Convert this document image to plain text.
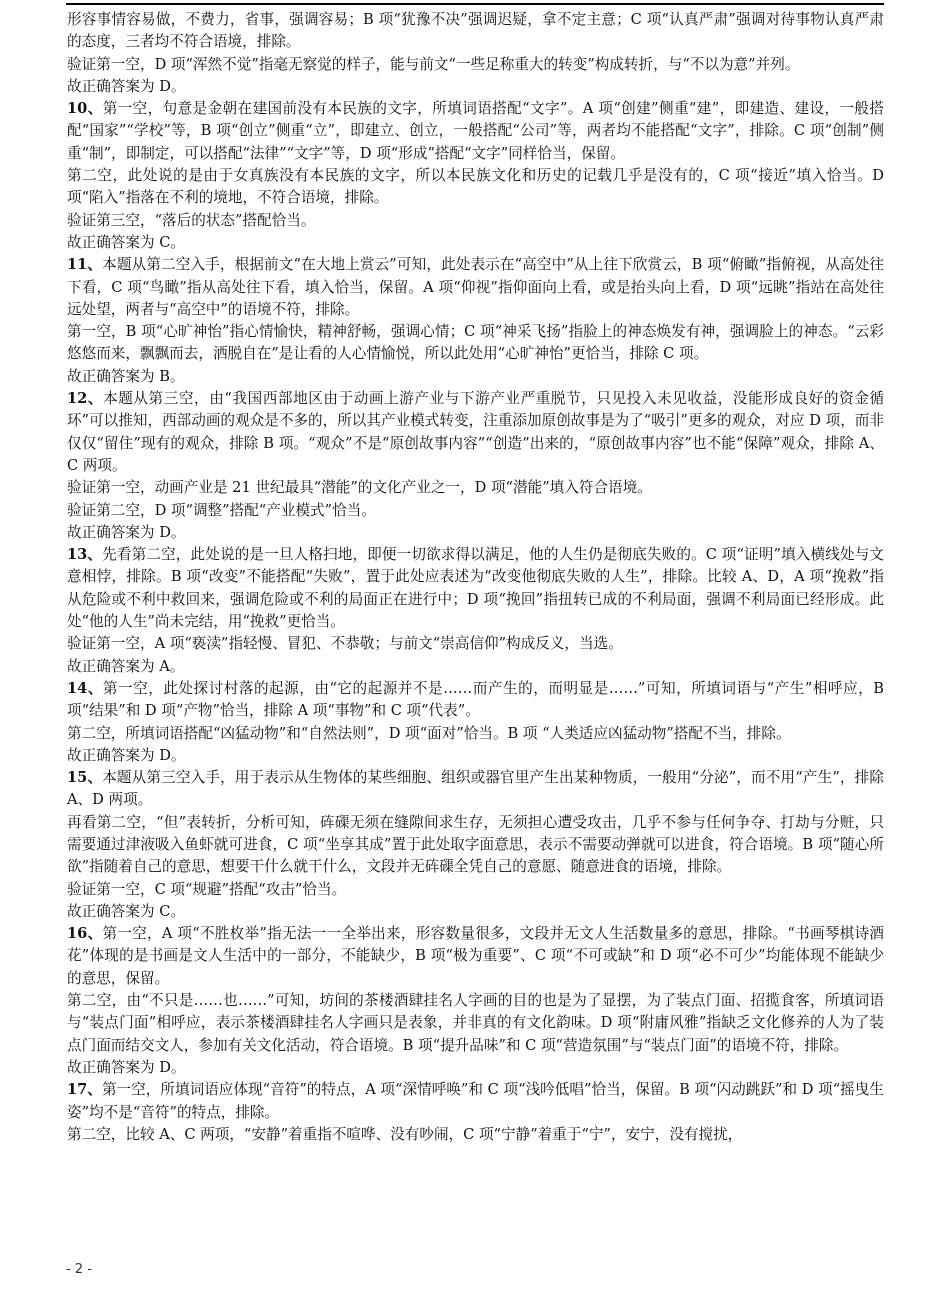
形容事情容易做，不费力，省事，强调容易；B 项“犹豫不决”强调迟疑，拿不定主意；C 项“认真严肃”强调对待事物认真严肃的态度，三者均不符合语境，排除。

验证第一空，D 项“浑然不觉”指毫无察觉的样子，能与前文“一些足称重大的转变”构成转折，与“不以为意”并列。

故正确答案为 D。

10、第一空，句意是金朝在建国前没有本民族的文字，所填词语搭配“文字”。A 项“创建”侧重“建”，即建造、建设，一般搭配“国家”“学校”等，B 项“创立”侧重“立”，即建立、创立，一般搭配“公司”等，两者均不能搭配“文字”，排除。C 项“创制”侧重“制”，即制定，可以搭配“法律”“文字”等，D 项“形成”搭配“文字”同样恰当，保留。

第二空，此处说的是由于女真族没有本民族的文字，所以本民族文化和历史的记载几乎是没有的，C 项“接近”填入恰当。D 项“陷入”指落在不利的境地，不符合语境，排除。

验证第三空，“落后的状态”搭配恰当。

故正确答案为 C。

11、本题从第二空入手，根据前文“在大地上赏云”可知，此处表示在“高空中”从上往下欣赏云，B 项“俯瞰”指俯视，从高处往下看，C 项“鸟瞰”指从高处往下看，填入恰当，保留。A 项“仰视”指仰面向上看，或是抬头向上看，D 项“远眺”指站在高处往远处望，两者与“高空中”的语境不符，排除。

第一空，B 项“心旷神怡”指心情愉快，精神舒畅，强调心情；C 项“神采飞扬”指脸上的神态焕发有神，强调脸上的神态。“云彩悠悠而来，飘飘而去，洒脱自在”是让看的人心情愉悦，所以此处用“心旷神怡”更恰当，排除 C 项。

故正确答案为 B。

12、本题从第三空，由“我国西部地区由于动画上游产业与下游产业严重脱节，只见投入未见收益，没能形成良好的资金循环”可以推知，西部动画的观众是不多的，所以其产业模式转变，注重添加原创故事是为了“吸引”更多的观众，对应 D 项，而非仅仅“留住”现有的观众，排除 B 项。“观众”不是“原创故事内容”“创造”出来的，“原创故事内容”也不能“保障”观众，排除 A、C 两项。

验证第一空，动画产业是 21 世纪最具“潜能”的文化产业之一，D 项“潜能”填入符合语境。

验证第二空，D 项“调整”搭配“产业模式”恰当。

故正确答案为 D。

13、先看第二空，此处说的是一旦人格扫地，即便一切欲求得以满足，他的人生仍是彻底失败的。C 项“证明”填入横线处与文意相悖，排除。B 项“改变”不能搭配“失败”，置于此处应表述为“改变他彻底失败的人生”，排除。比较 A、D，A 项“挽救”指从危险或不利中救回来，强调危险或不利的局面正在进行中；D 项“挽回”指扭转已成的不利局面，强调不利局面已经形成。此处“他的人生”尚未完结，用“挽救”更恰当。

验证第一空，A 项“亵渎”指轻慢、冒犯、不恭敬；与前文“崇高信仰”构成反义，当选。

故正确答案为 A。

14、第一空，此处探讨村落的起源，由“它的起源并不是……而产生的，而明显是……”可知，所填词语与“产生”相呼应，B 项“结果”和 D 项“产物”恰当，排除 A 项“事物”和 C 项“代表”。

第二空，所填词语搭配“凶猛动物”和“自然法则”，D 项“面对”恰当。B 项 “人类适应凶猛动物”搭配不当，排除。

故正确答案为 D。

15、本题从第三空入手，用于表示从生物体的某些细胞、组织或器官里产生出某种物质，一般用“分泌”，而不用“产生”，排除 A、D 两项。

再看第二空，“但”表转折，分析可知，砗磲无须在缝隙间求生存，无须担心遭受攻击，几乎不参与任何争夺、打劫与分赃，只需要通过津液吸入鱼虾就可进食，C 项“坐享其成”置于此处取字面意思，表示不需要动弹就可以进食，符合语境。B 项“随心所欲”指随着自己的意思，想要干什么就干什么，文段并无砗磲全凭自己的意愿、随意进食的语境，排除。

验证第一空，C 项“规避”搭配“攻击”恰当。

故正确答案为 C。

16、第一空，A 项“不胜枚举”指无法一一全举出来，形容数量很多，文段并无文人生活数量多的意思，排除。“书画琴棋诗酒花”体现的是书画是文人生活中的一部分，不能缺少，B 项“极为重要”、C 项“不可或缺”和 D 项“必不可少”均能体现不能缺少的意思，保留。

第二空，由“不只是……也……”可知，坊间的茶楼酒肆挂名人字画的目的也是为了显摆，为了装点门面、招揽食客，所填词语与“装点门面”相呼应，表示茶楼酒肆挂名人字画只是表象，并非真的有文化韵味。D 项“附庸风雅”指缺乏文化修养的人为了装点门面而结交文人，参加有关文化活动，符合语境。B 项“提升品味”和 C 项“营造氛围”与“装点门面”的语境不符，排除。

故正确答案为 D。

17、第一空，所填词语应体现“音符”的特点，A 项“深情呼唤”和 C 项“浅吟低唱”恰当，保留。B 项“闪动跳跃”和 D 项“摇曳生姿”均不是“音符”的特点，排除。

第二空，比较 A、C 两项，“安静”着重指不喧哗、没有吵闹，C 项“宁静”着重于“宁”，安宁，没有搅扰，

- 2 -
